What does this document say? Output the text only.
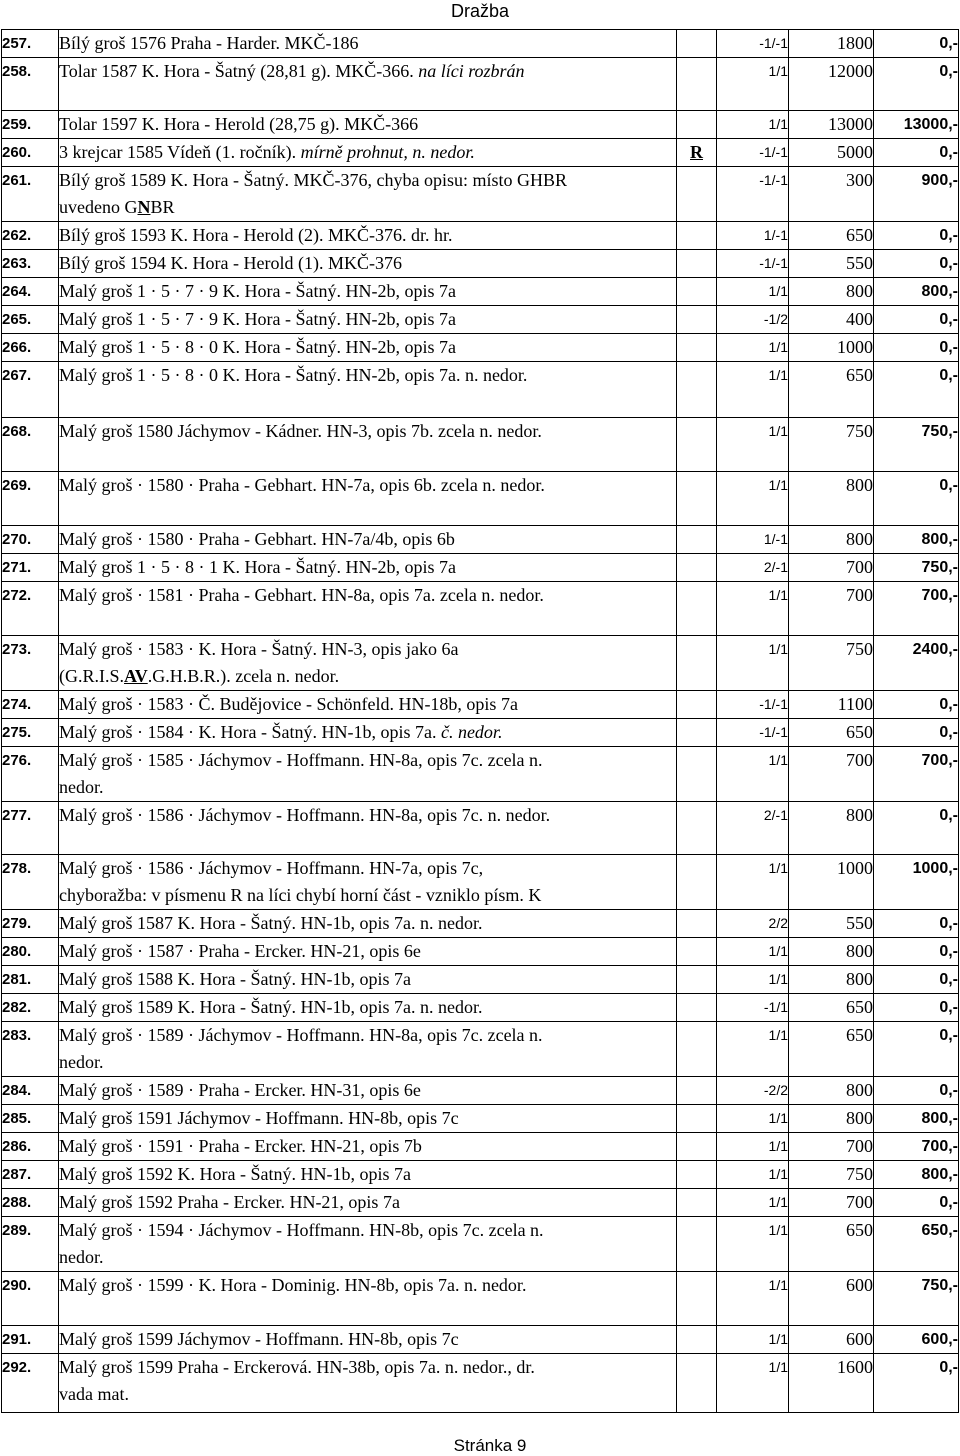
Dražba
257.	Bílý groš 1576 Praha - Harder. MKČ-186		-1/-1	1800	0,-
258.	Tolar 1587 K. Hora - Šatný (28,81 g). MKČ-366. na líci rozbrán		1/1	12000	0,-
259.	Tolar 1597 K. Hora - Herold (28,75 g). MKČ-366		1/1	13000	13000,-
260.	3 krejcar 1585 Vídeň (1. ročník). mírně prohnut, n. nedor.	R	-1/-1	5000	0,-
261.	Bílý groš 1589 K. Hora - Šatný. MKČ-376, chyba opisu: místo GHBR
uvedeno GNBR		-1/-1	300	900,-
262.	Bílý groš 1593 K. Hora - Herold (2). MKČ-376. dr. hr.		1/-1	650	0,-
263.	Bílý groš 1594 K. Hora - Herold (1). MKČ-376		-1/-1	550	0,-
264.	Malý groš 1 · 5 · 7 · 9 K. Hora - Šatný. HN-2b, opis 7a		1/1	800	800,-
265.	Malý groš 1 · 5 · 7 · 9 K. Hora - Šatný. HN-2b, opis 7a		-1/2	400	0,-
266.	Malý groš 1 · 5 · 8 · 0 K. Hora - Šatný. HN-2b, opis 7a		1/1	1000	0,-
267.	Malý groš 1 · 5 · 8 · 0 K. Hora - Šatný. HN-2b, opis 7a. n. nedor.		1/1	650	0,-
268.	Malý groš 1580 Jáchymov - Kádner. HN-3, opis 7b. zcela n. nedor.		1/1	750	750,-
269.	Malý groš · 1580 · Praha - Gebhart. HN-7a, opis 6b. zcela n. nedor.		1/1	800	0,-
270.	Malý groš · 1580 · Praha - Gebhart. HN-7a/4b, opis 6b		1/-1	800	800,-
271.	Malý groš 1 · 5 · 8 · 1 K. Hora - Šatný. HN-2b, opis 7a		2/-1	700	750,-
272.	Malý groš · 1581 · Praha - Gebhart. HN-8a, opis 7a. zcela n. nedor.		1/1	700	700,-
273.	Malý groš · 1583 · K. Hora - Šatný. HN-3, opis jako 6a
(G.R.I.S.AV.G.H.B.R.). zcela n. nedor.		1/1	750	2400,-
274.	Malý groš · 1583 · Č. Budějovice - Schönfeld. HN-18b, opis 7a		-1/-1	1100	0,-
275.	Malý groš · 1584 · K. Hora - Šatný. HN-1b, opis 7a. č. nedor.		-1/-1	650	0,-
276.	Malý groš · 1585 · Jáchymov - Hoffmann. HN-8a, opis 7c. zcela n.
nedor.		1/1	700	700,-
277.	Malý groš · 1586 · Jáchymov - Hoffmann. HN-8a, opis 7c. n. nedor.		2/-1	800	0,-
278.	Malý groš · 1586 · Jáchymov - Hoffmann. HN-7a, opis 7c,
chyboražba: v písmenu R na líci chybí horní část - vzniklo písm. K		1/1	1000	1000,-
279.	Malý groš 1587 K. Hora - Šatný. HN-1b, opis 7a. n. nedor.		2/2	550	0,-
280.	Malý groš · 1587 · Praha - Ercker. HN-21, opis 6e		1/1	800	0,-
281.	Malý groš 1588 K. Hora - Šatný. HN-1b, opis 7a		1/1	800	0,-
282.	Malý groš 1589 K. Hora - Šatný. HN-1b, opis 7a. n. nedor.		-1/1	650	0,-
283.	Malý groš · 1589 · Jáchymov - Hoffmann. HN-8a, opis 7c. zcela n.
nedor.		1/1	650	0,-
284.	Malý groš · 1589 · Praha - Ercker. HN-31, opis 6e		-2/2	800	0,-
285.	Malý groš 1591 Jáchymov - Hoffmann. HN-8b, opis 7c		1/1	800	800,-
286.	Malý groš · 1591 · Praha - Ercker. HN-21, opis 7b		1/1	700	700,-
287.	Malý groš 1592 K. Hora - Šatný. HN-1b, opis 7a		1/1	750	800,-
288.	Malý groš 1592 Praha - Ercker. HN-21, opis 7a		1/1	700	0,-
289.	Malý groš · 1594 · Jáchymov - Hoffmann. HN-8b, opis 7c. zcela n.
nedor.		1/1	650	650,-
290.	Malý groš · 1599 · K. Hora - Dominig. HN-8b, opis 7a. n. nedor.		1/1	600	750,-
291.	Malý groš 1599 Jáchymov - Hoffmann. HN-8b, opis 7c		1/1	600	600,-
292.	Malý groš 1599 Praha - Erckerová. HN-38b, opis 7a. n. nedor., dr.
vada mat.		1/1	1600	0,-
Stránka 9
